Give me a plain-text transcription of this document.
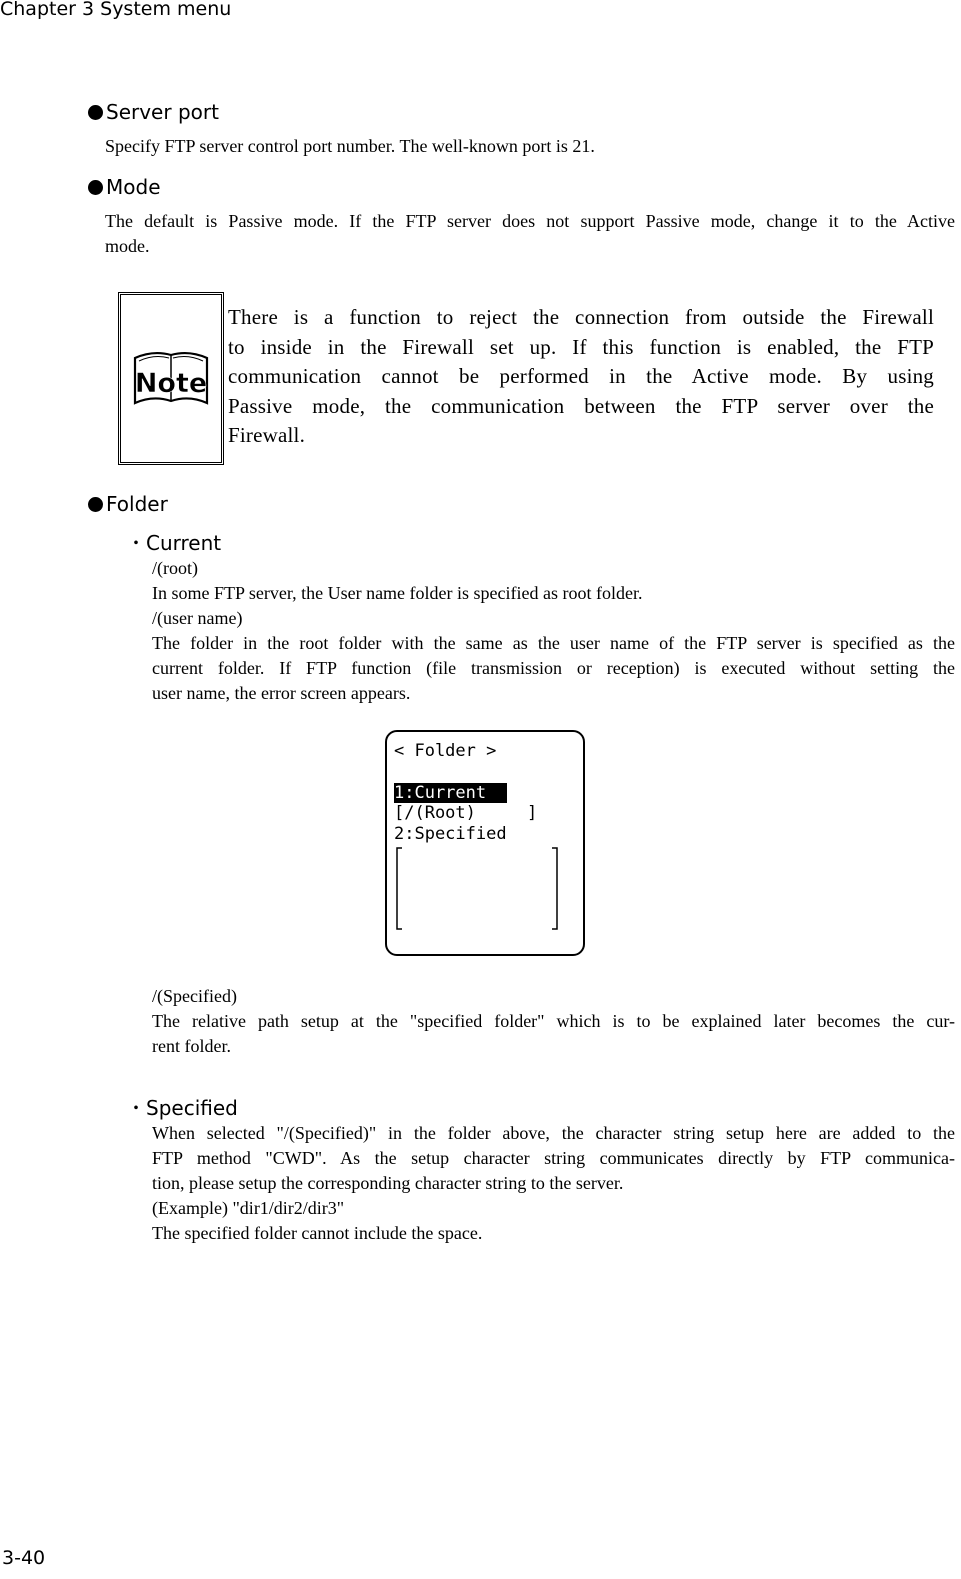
Chapter 3 System menu
Server port

Specify FTP server control port number. The well-known port is 21.

Mode

The default is Passive mode. If the FTP server does not support Passive mode, change it to the Active
mode.

Note

There is a function to reject the connection from outside the Firewall
to inside in the Firewall set up. If this function is enabled, the FTP
communication cannot be performed in the Active mode. By using
Passive mode, the communication between the FTP server over the
Firewall.

Folder
・Current

/(root)
In some FTP server, the User name folder is specified as root folder.
/(user name)
The folder in the root folder with the same as the user name of the FTP server is specified as the
current folder. If FTP function (file transmission or reception) is executed without setting the
user name, the error screen appears.

< Folder >
1:Current
[/(Root)     ]
2:Specified

/(Specified)
The relative path setup at the "specified folder" which is to be explained later becomes the cur-
rent folder.

・Specified

When selected "/(Specified)" in the folder above, the character string setup here are added to the
FTP method "CWD". As the setup character string communicates directly by FTP communica-
tion, please setup the corresponding character string to the server.
(Example) "dir1/dir2/dir3"
The specified folder cannot include the space.

3-40
